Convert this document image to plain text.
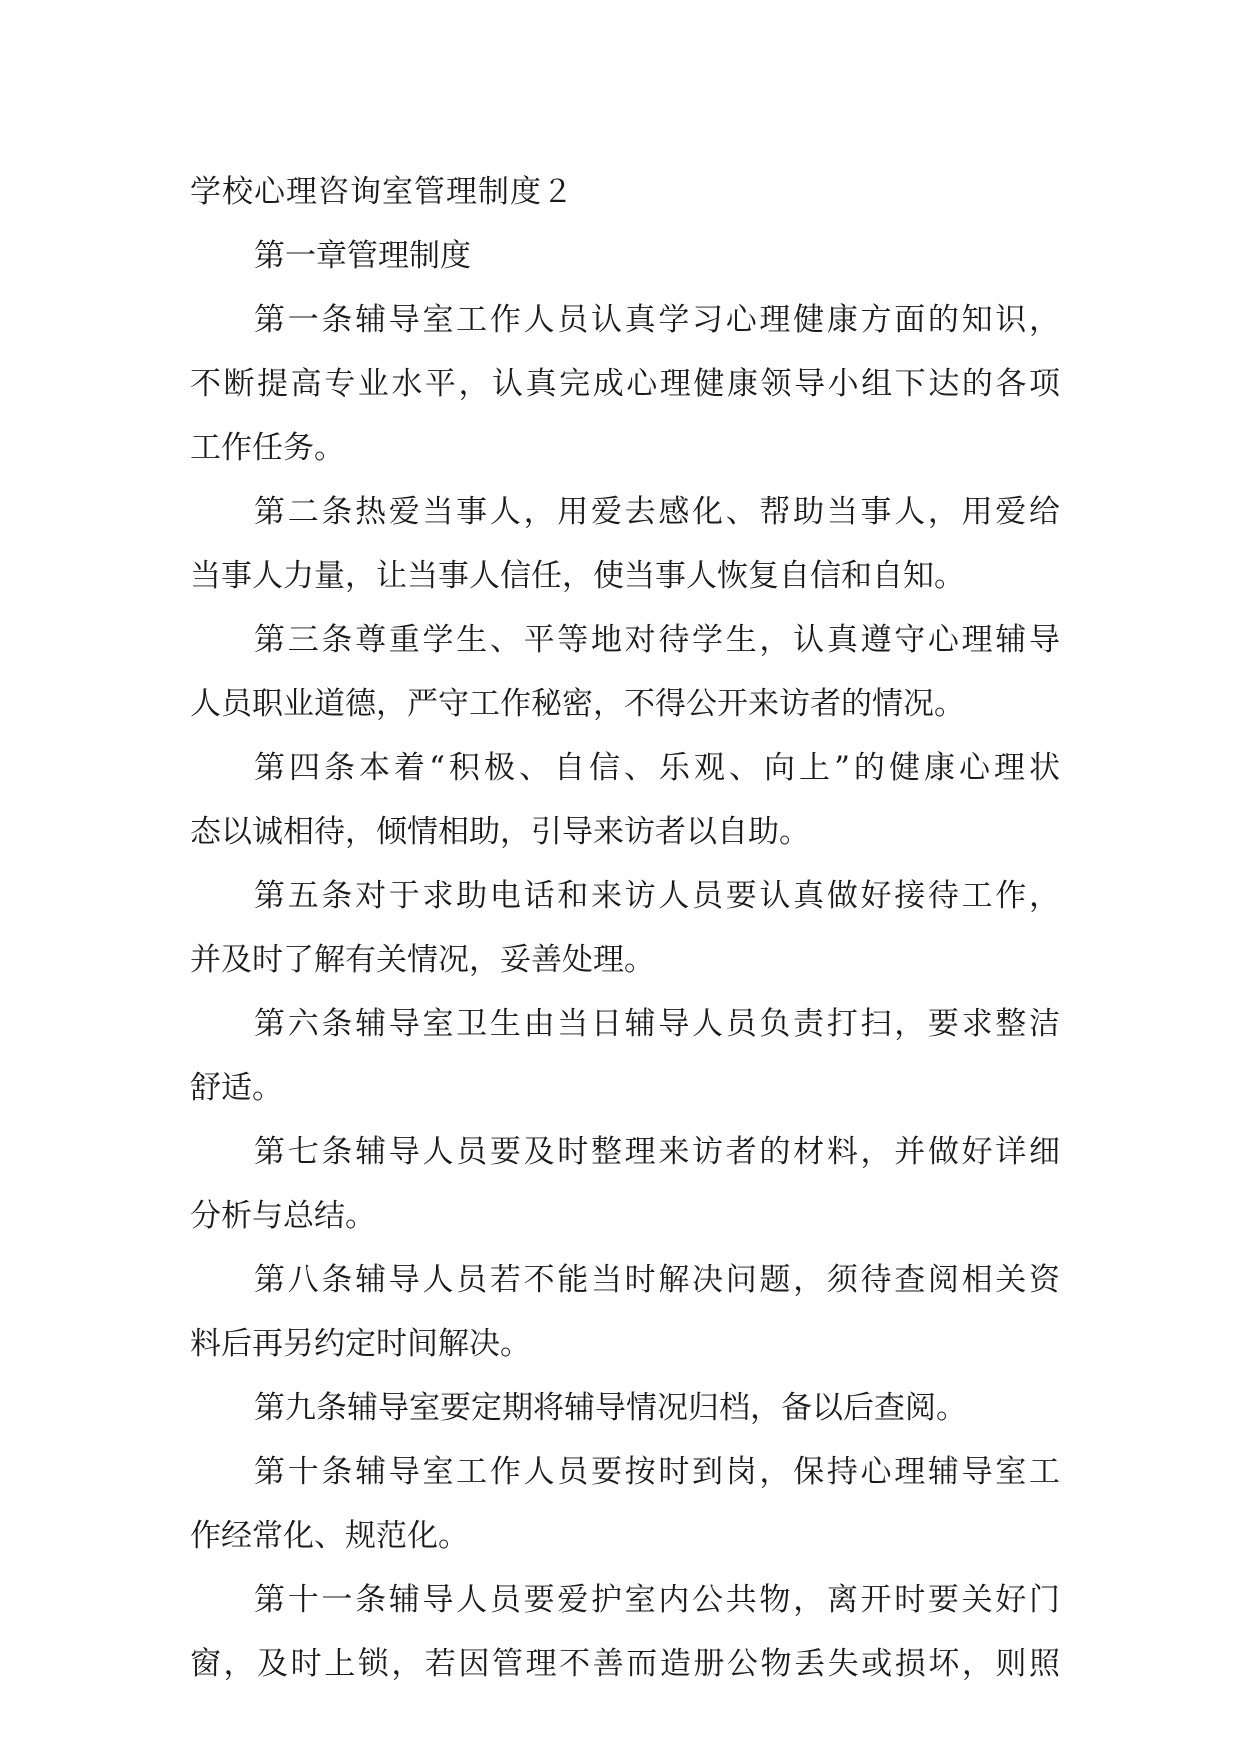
学校心理咨询室管理制度２
第一章管理制度
第一条辅导室工作人员认真学习心理健康方面的知识，
不断提高专业水平，认真完成心理健康领导小组下达的各项
工作任务。
第二条热爱当事人，用爱去感化、帮助当事人，用爱给
当事人力量，让当事人信任，使当事人恢复自信和自知。
第三条尊重学生、平等地对待学生，认真遵守心理辅导
人员职业道德，严守工作秘密，不得公开来访者的情况。
第四条本着“积极、自信、乐观、向上”的健康心理状
态以诚相待，倾情相助，引导来访者以自助。
第五条对于求助电话和来访人员要认真做好接待工作，
并及时了解有关情况，妥善处理。
第六条辅导室卫生由当日辅导人员负责打扫，要求整洁
舒适。
第七条辅导人员要及时整理来访者的材料，并做好详细
分析与总结。
第八条辅导人员若不能当时解决问题，须待查阅相关资
料后再另约定时间解决。
第九条辅导室要定期将辅导情况归档，备以后查阅。
第十条辅导室工作人员要按时到岗，保持心理辅导室工
作经常化、规范化。
第十一条辅导人员要爱护室内公共物，离开时要关好门
窗，及时上锁，若因管理不善而造册公物丢失或损坏，则照
